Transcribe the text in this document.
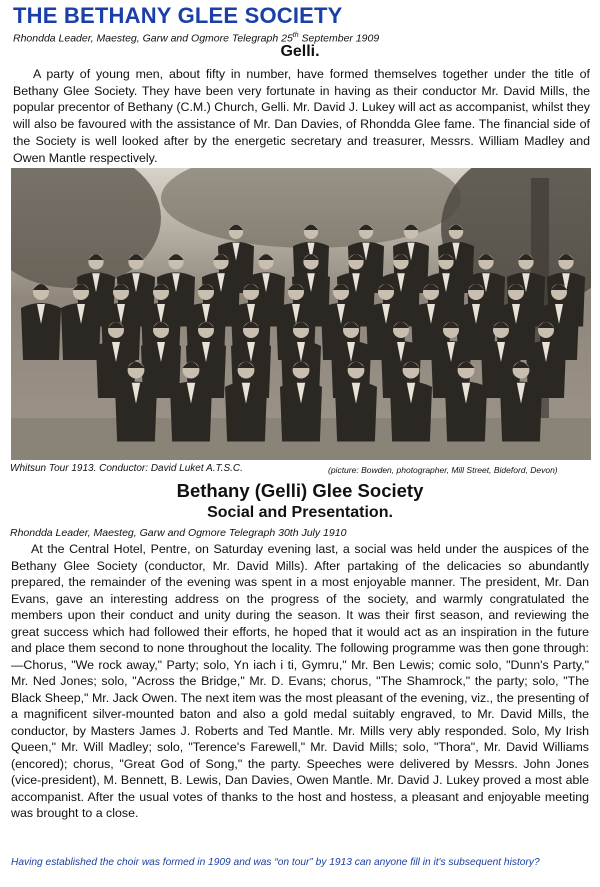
THE BETHANY GLEE SOCIETY
Rhondda Leader, Maesteg, Garw and Ogmore Telegraph 25th September 1909
Gelli.

A party of young men, about fifty in number, have formed themselves together under the title of Bethany Glee Society. They have been very fortunate in having as their conductor Mr. David Mills, the popular precentor of Bethany (C.M.) Church, Gelli. Mr. David J. Lukey will act as accompanist, whilst they will also be favoured with the assistance of Mr. Dan Davies, of Rhondda Glee fame. The financial side of the Society is well looked after by the energetic secretary and treasurer, Messrs. William Madley and Owen Mantle respectively.

Whitsun Tour 1913. Conductor: David Luket A.T.S.C.	(picture: Bowden, photographer, Mill Street, Bideford, Devon)
Bethany (Gelli) Glee Society
Social and Presentation.
Rhondda Leader, Maesteg, Garw and Ogmore Telegraph 30th July 1910

At the Central Hotel, Pentre, on Saturday evening last, a social was held under the auspices of the Bethany Glee Society (conductor, Mr. David Mills). After partaking of the delicacies so abundantly prepared, the remainder of the evening was spent in a most enjoyable manner. The president, Mr. Dan Evans, gave an interesting address on the progress of the society, and warmly congratulated the members upon their conduct and unity during the season. It was their first season, and reviewing the great success which had followed their efforts, he hoped that it would act as an inspiration in the future and place them second to none throughout the locality. The following programme was then gone through:—Chorus, "We rock away," Party; solo, Yn iach i ti, Gymru," Mr. Ben Lewis; comic solo, "Dunn's Party," Mr. Ned Jones; solo, "Across the Bridge," Mr. D. Evans; chorus, "The Shamrock," the party; solo, "The Black Sheep," Mr. Jack Owen. The next item was the most pleasant of the evening, viz., the presenting of a magnificent silver-mounted baton and also a gold medal suitably engraved, to Mr. David Mills, the conductor, by Masters James J. Roberts and Ted Mantle. Mr. Mills very ably responded. Solo, My Irish Queen," Mr. Will Madley; solo, "Terence's Farewell," Mr. David Mills; solo, "Thora", Mr. David Williams (encored); chorus, "Great God of Song," the party. Speeches were delivered by Messrs. John Jones (vice-president), M. Bennett, B. Lewis, Dan Davies, Owen Mantle. Mr. David J. Lukey proved a most able accompanist. After the usual votes of thanks to the host and hostess, a pleasant and enjoyable meeting was brought to a close.

Having established the choir was formed in 1909 and was “on tour” by 1913 can anyone fill in it's subsequent history?
